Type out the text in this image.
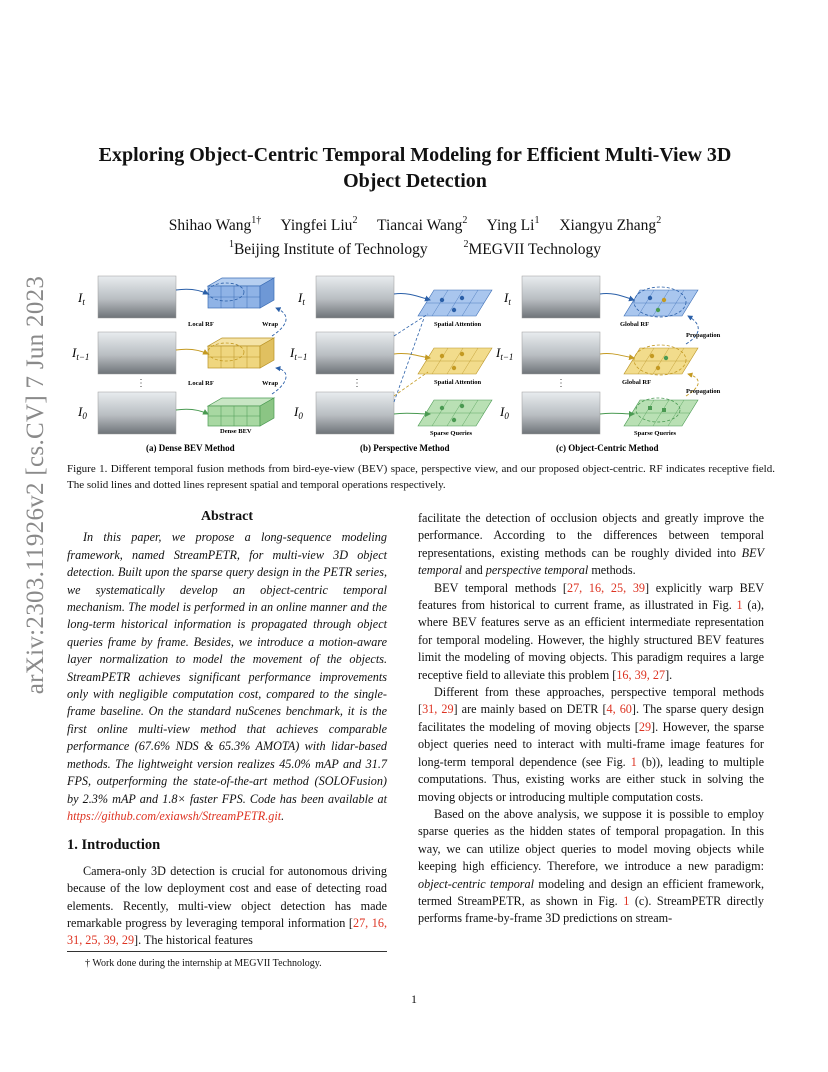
arXiv:2303.11926v2 [cs.CV] 7 Jun 2023
Exploring Object-Centric Temporal Modeling for Efficient Multi-View 3D Object Detection
Shihao Wang$^{1\dagger}$ Yingfei Liu$^2$ Tiancai Wang$^2$ Ying Li$^1$ Xiangyu Zhang$^2$
$^1$Beijing Institute of Technology	$^2$MEGVII Technology
$I_t$
$I_{t-1}$
$I_0$
⋮
Local RF	Wrap
Local RF	Wrap
Dense BEV
(a) Dense BEV Method
$I_t$
$I_{t-1}$
$I_0$
⋮
Spatial Attention
Spatial Attention
Sparse Queries
(b) Perspective Method
$I_t$
$I_{t-1}$
$I_0$
⋮
Global RF
Propagation
Global RF
Propagation
Sparse Queries
(c) Object-Centric Method
Figure 1. Different temporal fusion methods from bird-eye-view (BEV) space, perspective view, and our proposed object-centric. RF indicates receptive field. The solid lines and dotted lines represent spatial and temporal operations respectively.
Abstract

In this paper, we propose a long-sequence modeling framework, named StreamPETR, for multi-view 3D object detection. Built upon the sparse query design in the PETR series, we systematically develop an object-centric temporal mechanism. The model is performed in an online manner and the long-term historical information is propagated through object queries frame by frame. Besides, we introduce a motion-aware layer normalization to model the movement of the objects. StreamPETR achieves significant performance improvements only with negligible computation cost, compared to the single-frame baseline. On the standard nuScenes benchmark, it is the first online multi-view method that achieves comparable performance (67.6% NDS & 65.3% AMOTA) with lidar-based methods. The lightweight version realizes 45.0% mAP and 31.7 FPS, outperforming the state-of-the-art method (SOLOFusion) by 2.3% mAP and 1.8× faster FPS. Code has been available at https://github.com/exiawsh/StreamPETR.git.

1. Introduction

Camera-only 3D detection is crucial for autonomous driving because of the low deployment cost and ease of detecting road elements. Recently, multi-view object detection has made remarkable progress by leveraging temporal information [27, 16, 31, 25, 39, 29]. The historical features

facilitate the detection of occlusion objects and greatly improve the performance. According to the differences between temporal representations, existing methods can be roughly divided into BEV temporal and perspective temporal methods.

BEV temporal methods [27, 16, 25, 39] explicitly warp BEV features from historical to current frame, as illustrated in Fig. 1 (a), where BEV features serve as an efficient intermediate representation for temporal modeling. However, the highly structured BEV features limit the modeling of moving objects. This paradigm requires a large receptive field to alleviate this problem [16, 39, 27].

Different from these approaches, perspective temporal methods [31, 29] are mainly based on DETR [4, 60]. The sparse query design facilitates the modeling of moving objects [29]. However, the sparse object queries need to interact with multi-frame image features for long-term temporal dependence (see Fig. 1 (b)), leading to multiple computations. Thus, existing works are either stuck in solving the moving objects or introducing multiple computation costs.

Based on the above analysis, we suppose it is possible to employ sparse queries as the hidden states of temporal propagation. In this way, we can utilize object queries to model moving objects while keeping high efficiency. Therefore, we introduce a new paradigm: object-centric temporal modeling and design an efficient framework, termed StreamPETR, as shown in Fig. 1 (c). StreamPETR directly performs frame-by-frame 3D predictions on stream-

† Work done during the internship at MEGVII Technology.
1
